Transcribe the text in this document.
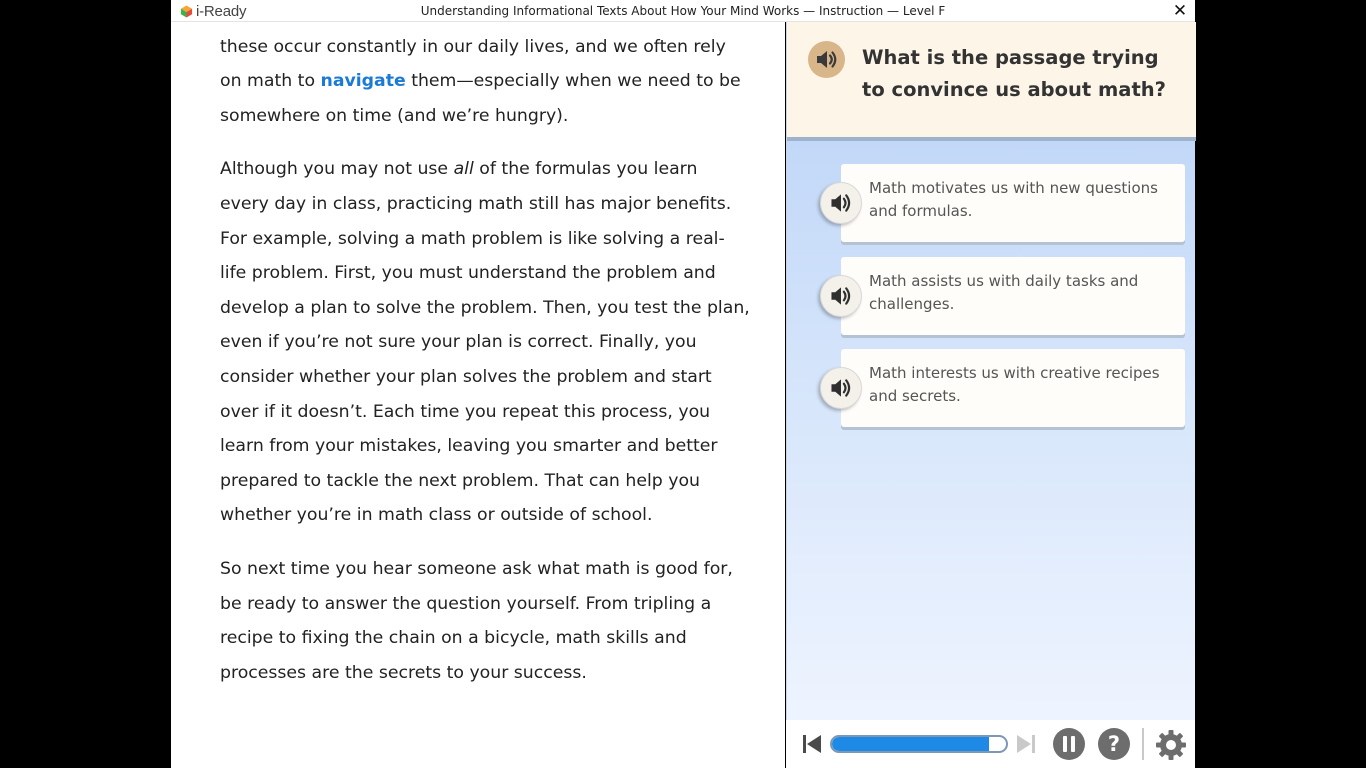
i-Ready	Understanding Informational Texts About How Your Mind Works — Instruction — Level F	✕

these occur constantly in our daily lives, and we often rely on math to navigate them—especially when we need to be somewhere on time (and we’re hungry).

Although you may not use all of the formulas you learn every day in class, practicing math still has major benefits. For example, solving a math problem is like solving a real-life problem. First, you must understand the problem and develop a plan to solve the problem. Then, you test the plan, even if you’re not sure your plan is correct. Finally, you consider whether your plan solves the problem and start over if it doesn’t. Each time you repeat this process, you learn from your mistakes, leaving you smarter and better prepared to tackle the next problem. That can help you whether you’re in math class or outside of school.

So next time you hear someone ask what math is good for, be ready to answer the question yourself. From tripling a recipe to fixing the chain on a bicycle, math skills and processes are the secrets to your success.

What is the passage trying to convince us about math?
Math motivates us with new questions and formulas.
Math assists us with daily tasks and challenges.
Math interests us with creative recipes and secrets.
?
